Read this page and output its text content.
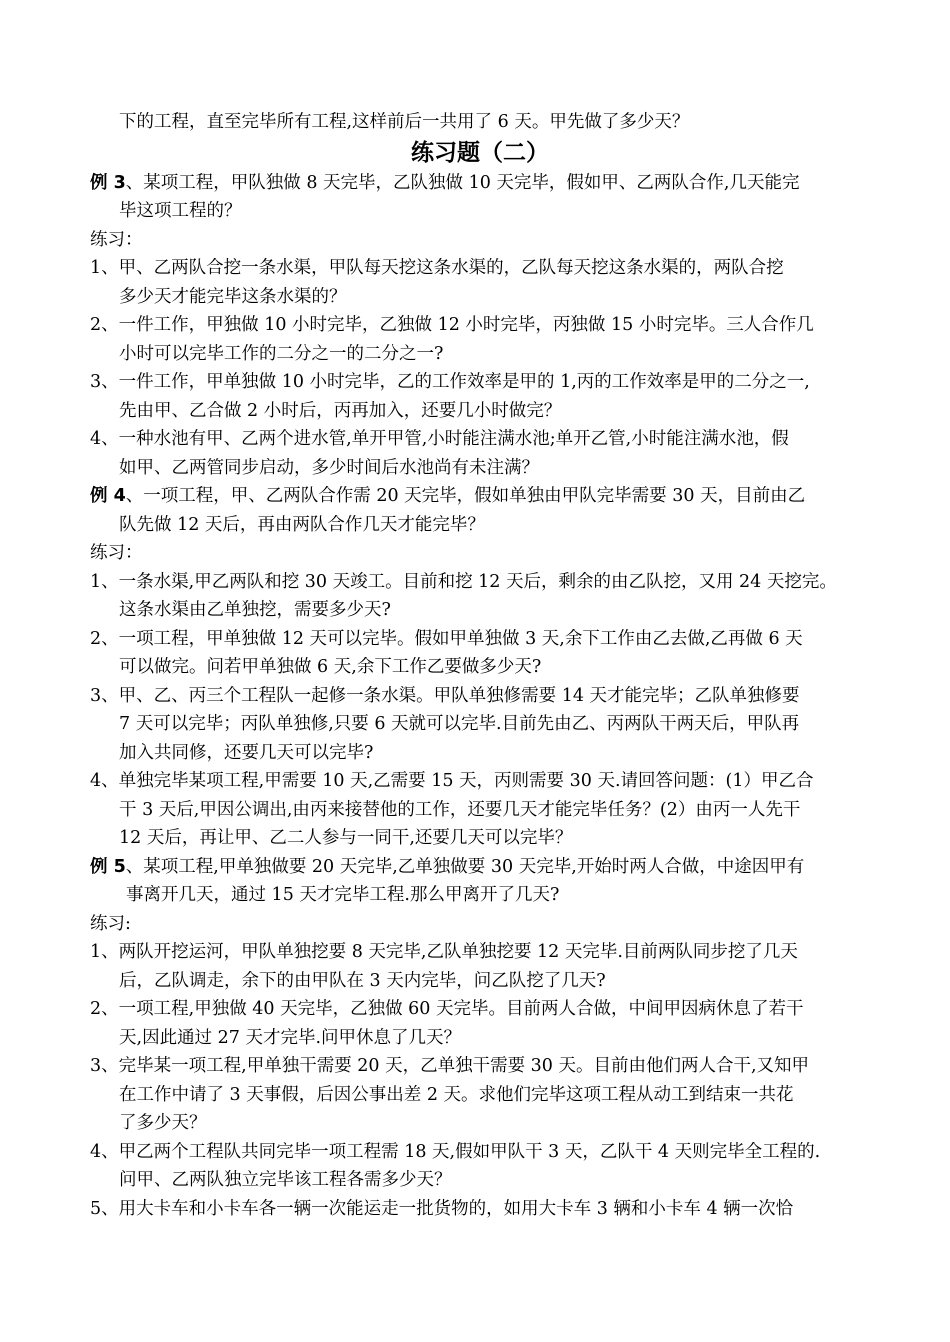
下的工程，直至完毕所有工程,这样前后一共用了 6 天。甲先做了多少天？
练习题（二）
例 3、某项工程，甲队独做 8 天完毕，乙队独做 10 天完毕，假如甲、乙两队合作,几天能完
毕这项工程的？
练习：
1、甲、乙两队合挖一条水渠，甲队每天挖这条水渠的，乙队每天挖这条水渠的，两队合挖
多少天才能完毕这条水渠的？
2、一件工作，甲独做 10 小时完毕，乙独做 12 小时完毕，丙独做 15 小时完毕。三人合作几
小时可以完毕工作的二分之一的二分之一?
3、一件工作，甲单独做 10 小时完毕，乙的工作效率是甲的 1,丙的工作效率是甲的二分之一,
先由甲、乙合做 2 小时后，丙再加入，还要几小时做完？
4、一种水池有甲、乙两个进水管,单开甲管,小时能注满水池;单开乙管,小时能注满水池，假
如甲、乙两管同步启动，多少时间后水池尚有未注满？
例 4、一项工程，甲、乙两队合作需 20 天完毕，假如单独由甲队完毕需要 30 天，目前由乙
队先做 12 天后，再由两队合作几天才能完毕？
练习：
1、一条水渠,甲乙两队和挖 30 天竣工。目前和挖 12 天后，剩余的由乙队挖，又用 24 天挖完。
这条水渠由乙单独挖，需要多少天?
2、一项工程，甲单独做 12 天可以完毕。假如甲单独做 3 天,余下工作由乙去做,乙再做 6 天
可以做完。问若甲单独做 6 天,余下工作乙要做多少天?
3、甲、乙、丙三个工程队一起修一条水渠。甲队单独修需要 14 天才能完毕；乙队单独修要
7 天可以完毕；丙队单独修,只要 6 天就可以完毕.目前先由乙、丙两队干两天后，甲队再
加入共同修，还要几天可以完毕?
4、单独完毕某项工程,甲需要 10 天,乙需要 15 天，丙则需要 30 天.请回答问题：(1）甲乙合
干 3 天后,甲因公调出,由丙来接替他的工作，还要几天才能完毕任务？(2）由丙一人先干
12 天后，再让甲、乙二人参与一同干,还要几天可以完毕？
例 5、某项工程,甲单独做要 20 天完毕,乙单独做要 30 天完毕,开始时两人合做，中途因甲有
事离开几天，通过 15 天才完毕工程.那么甲离开了几天?
练习:
1、两队开挖运河，甲队单独挖要 8 天完毕,乙队单独挖要 12 天完毕.目前两队同步挖了几天
后，乙队调走，余下的由甲队在 3 天内完毕，问乙队挖了几天?
2、一项工程,甲独做 40 天完毕，乙独做 60 天完毕。目前两人合做，中间甲因病休息了若干
天,因此通过 27 天才完毕.问甲休息了几天？
3、完毕某一项工程,甲单独干需要 20 天，乙单独干需要 30 天。目前由他们两人合干,又知甲
在工作中请了 3 天事假，后因公事出差 2 天。求他们完毕这项工程从动工到结束一共花
了多少天？
4、甲乙两个工程队共同完毕一项工程需 18 天,假如甲队干 3 天，乙队干 4 天则完毕全工程的.
问甲、乙两队独立完毕该工程各需多少天？
5、用大卡车和小卡车各一辆一次能运走一批货物的，如用大卡车 3 辆和小卡车 4 辆一次恰
